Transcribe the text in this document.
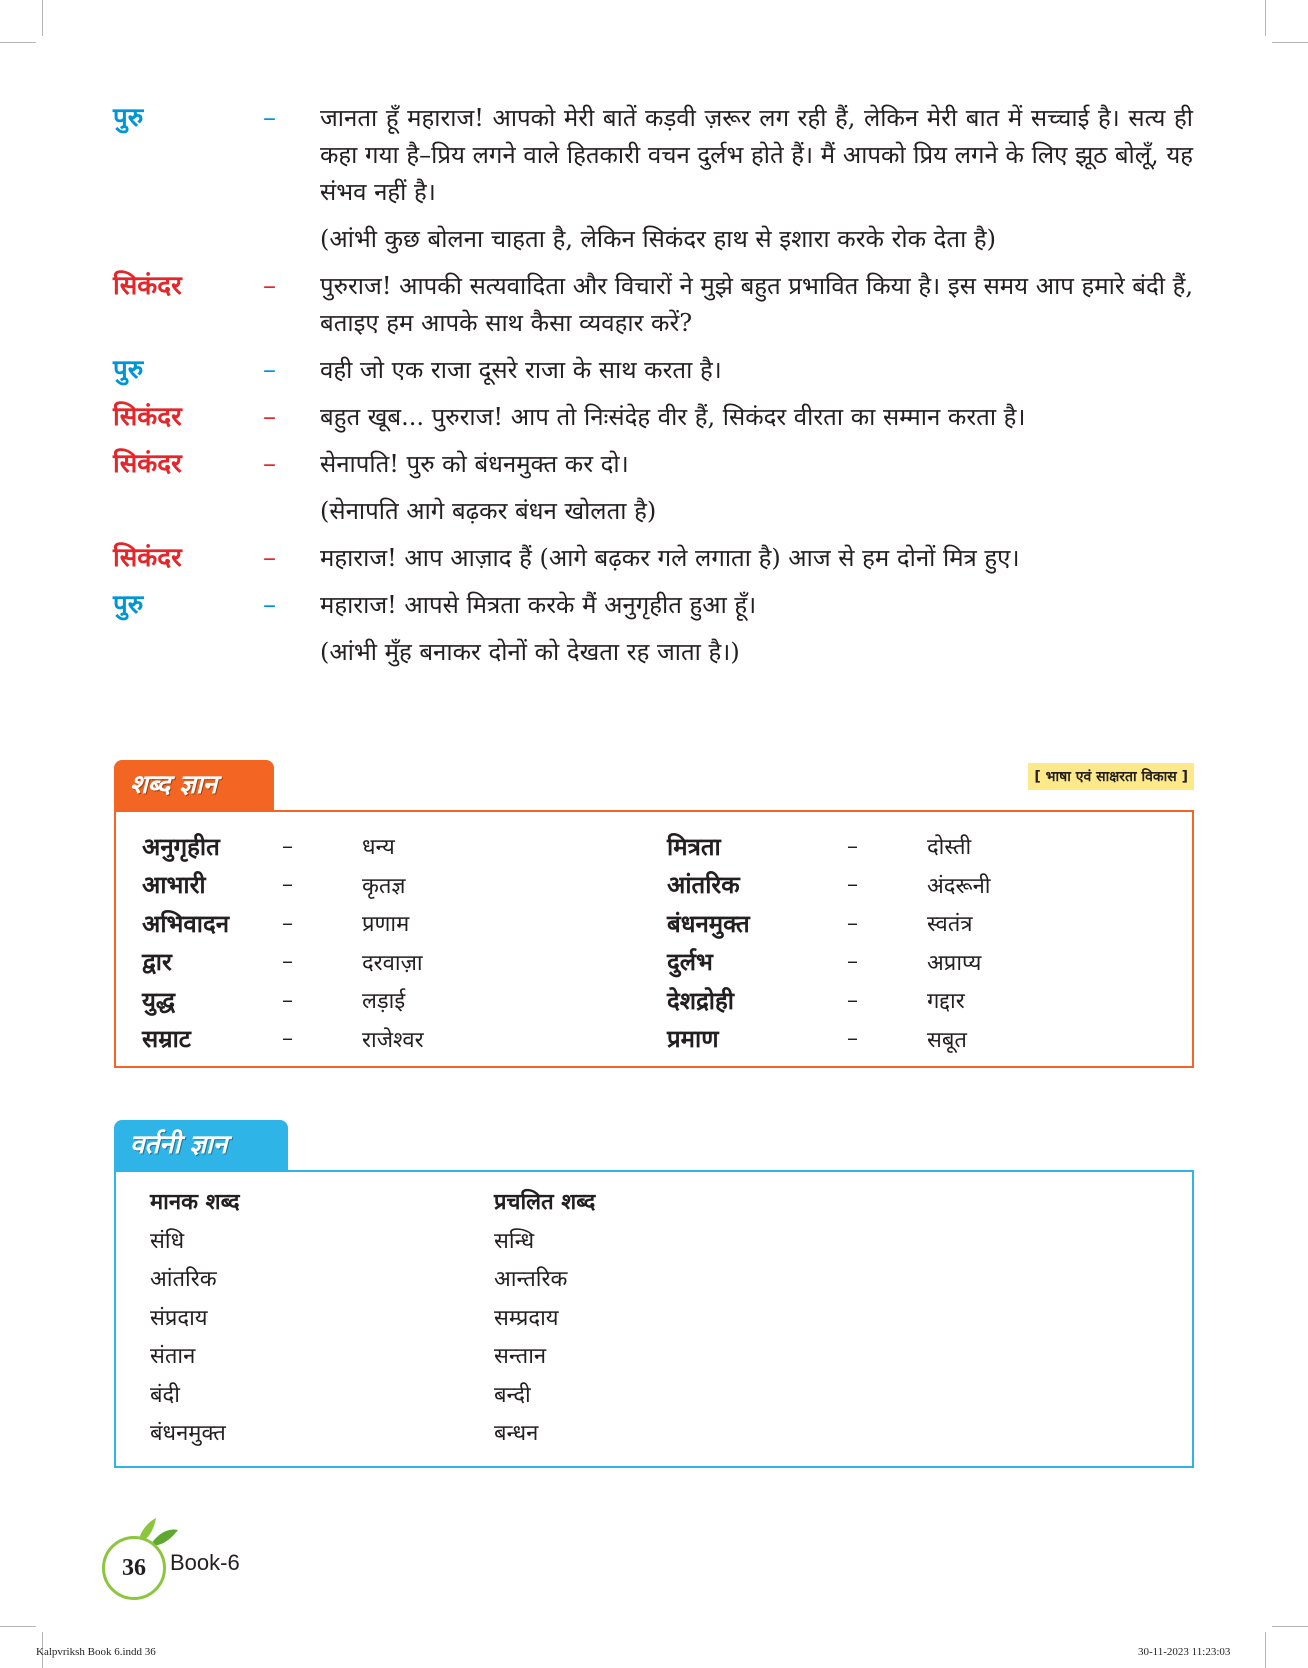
पुरु	–	जानता हूँ महाराज! आपको मेरी बातें कड़वी ज़रूर लग रही हैं, लेकिन मेरी बात में सच्चाई है। सत्य ही कहा गया है–प्रिय लगने वाले हितकारी वचन दुर्लभ होते हैं। मैं आपको प्रिय लगने के लिए झूठ बोलूँ, यह संभव नहीं है।
(आंभी कुछ बोलना चाहता है, लेकिन सिकंदर हाथ से इशारा करके रोक देता है)
सिकंदर	–	पुरुराज! आपकी सत्यवादिता और विचारों ने मुझे बहुत प्रभावित किया है। इस समय आप हमारे बंदी हैं, बताइए हम आपके साथ कैसा व्यवहार करें?
पुरु	–	वही जो एक राजा दूसरे राजा के साथ करता है।
सिकंदर	–	बहुत खूब... पुरुराज! आप तो निःसंदेह वीर हैं, सिकंदर वीरता का सम्मान करता है।
सिकंदर	–	सेनापति! पुरु को बंधनमुक्त कर दो।
(सेनापति आगे बढ़कर बंधन खोलता है)
सिकंदर	–	महाराज! आप आज़ाद हैं (आगे बढ़कर गले लगाता है) आज से हम दोनों मित्र हुए।
पुरु	–	महाराज! आपसे मित्रता करके मैं अनुगृहीत हुआ हूँ।
(आंभी मुँह बनाकर दोनों को देखता रह जाता है।)
शब्द ज्ञान	[ भाषा एवं साक्षरता विकास ]
अनुगृहीत	–	धन्य	मित्रता	–	दोस्ती
आभारी	–	कृतज्ञ	आंतरिक	–	अंदरूनी
अभिवादन	–	प्रणाम	बंधनमुक्त	–	स्वतंत्र
द्वार	–	दरवाज़ा	दुर्लभ	–	अप्राप्य
युद्ध	–	लड़ाई	देशद्रोही	–	गद्दार
सम्राट	–	राजेश्वर	प्रमाण	–	सबूत
वर्तनी ज्ञान
मानक शब्द	प्रचलित शब्द
संधि	सन्धि
आंतरिक	आन्तरिक
संप्रदाय	सम्प्रदाय
संतान	सन्तान
बंदी	बन्दी
बंधनमुक्त	बन्धन
36	Book-6
Kalpvriksh Book 6.indd 36	30-11-2023 11:23:03
